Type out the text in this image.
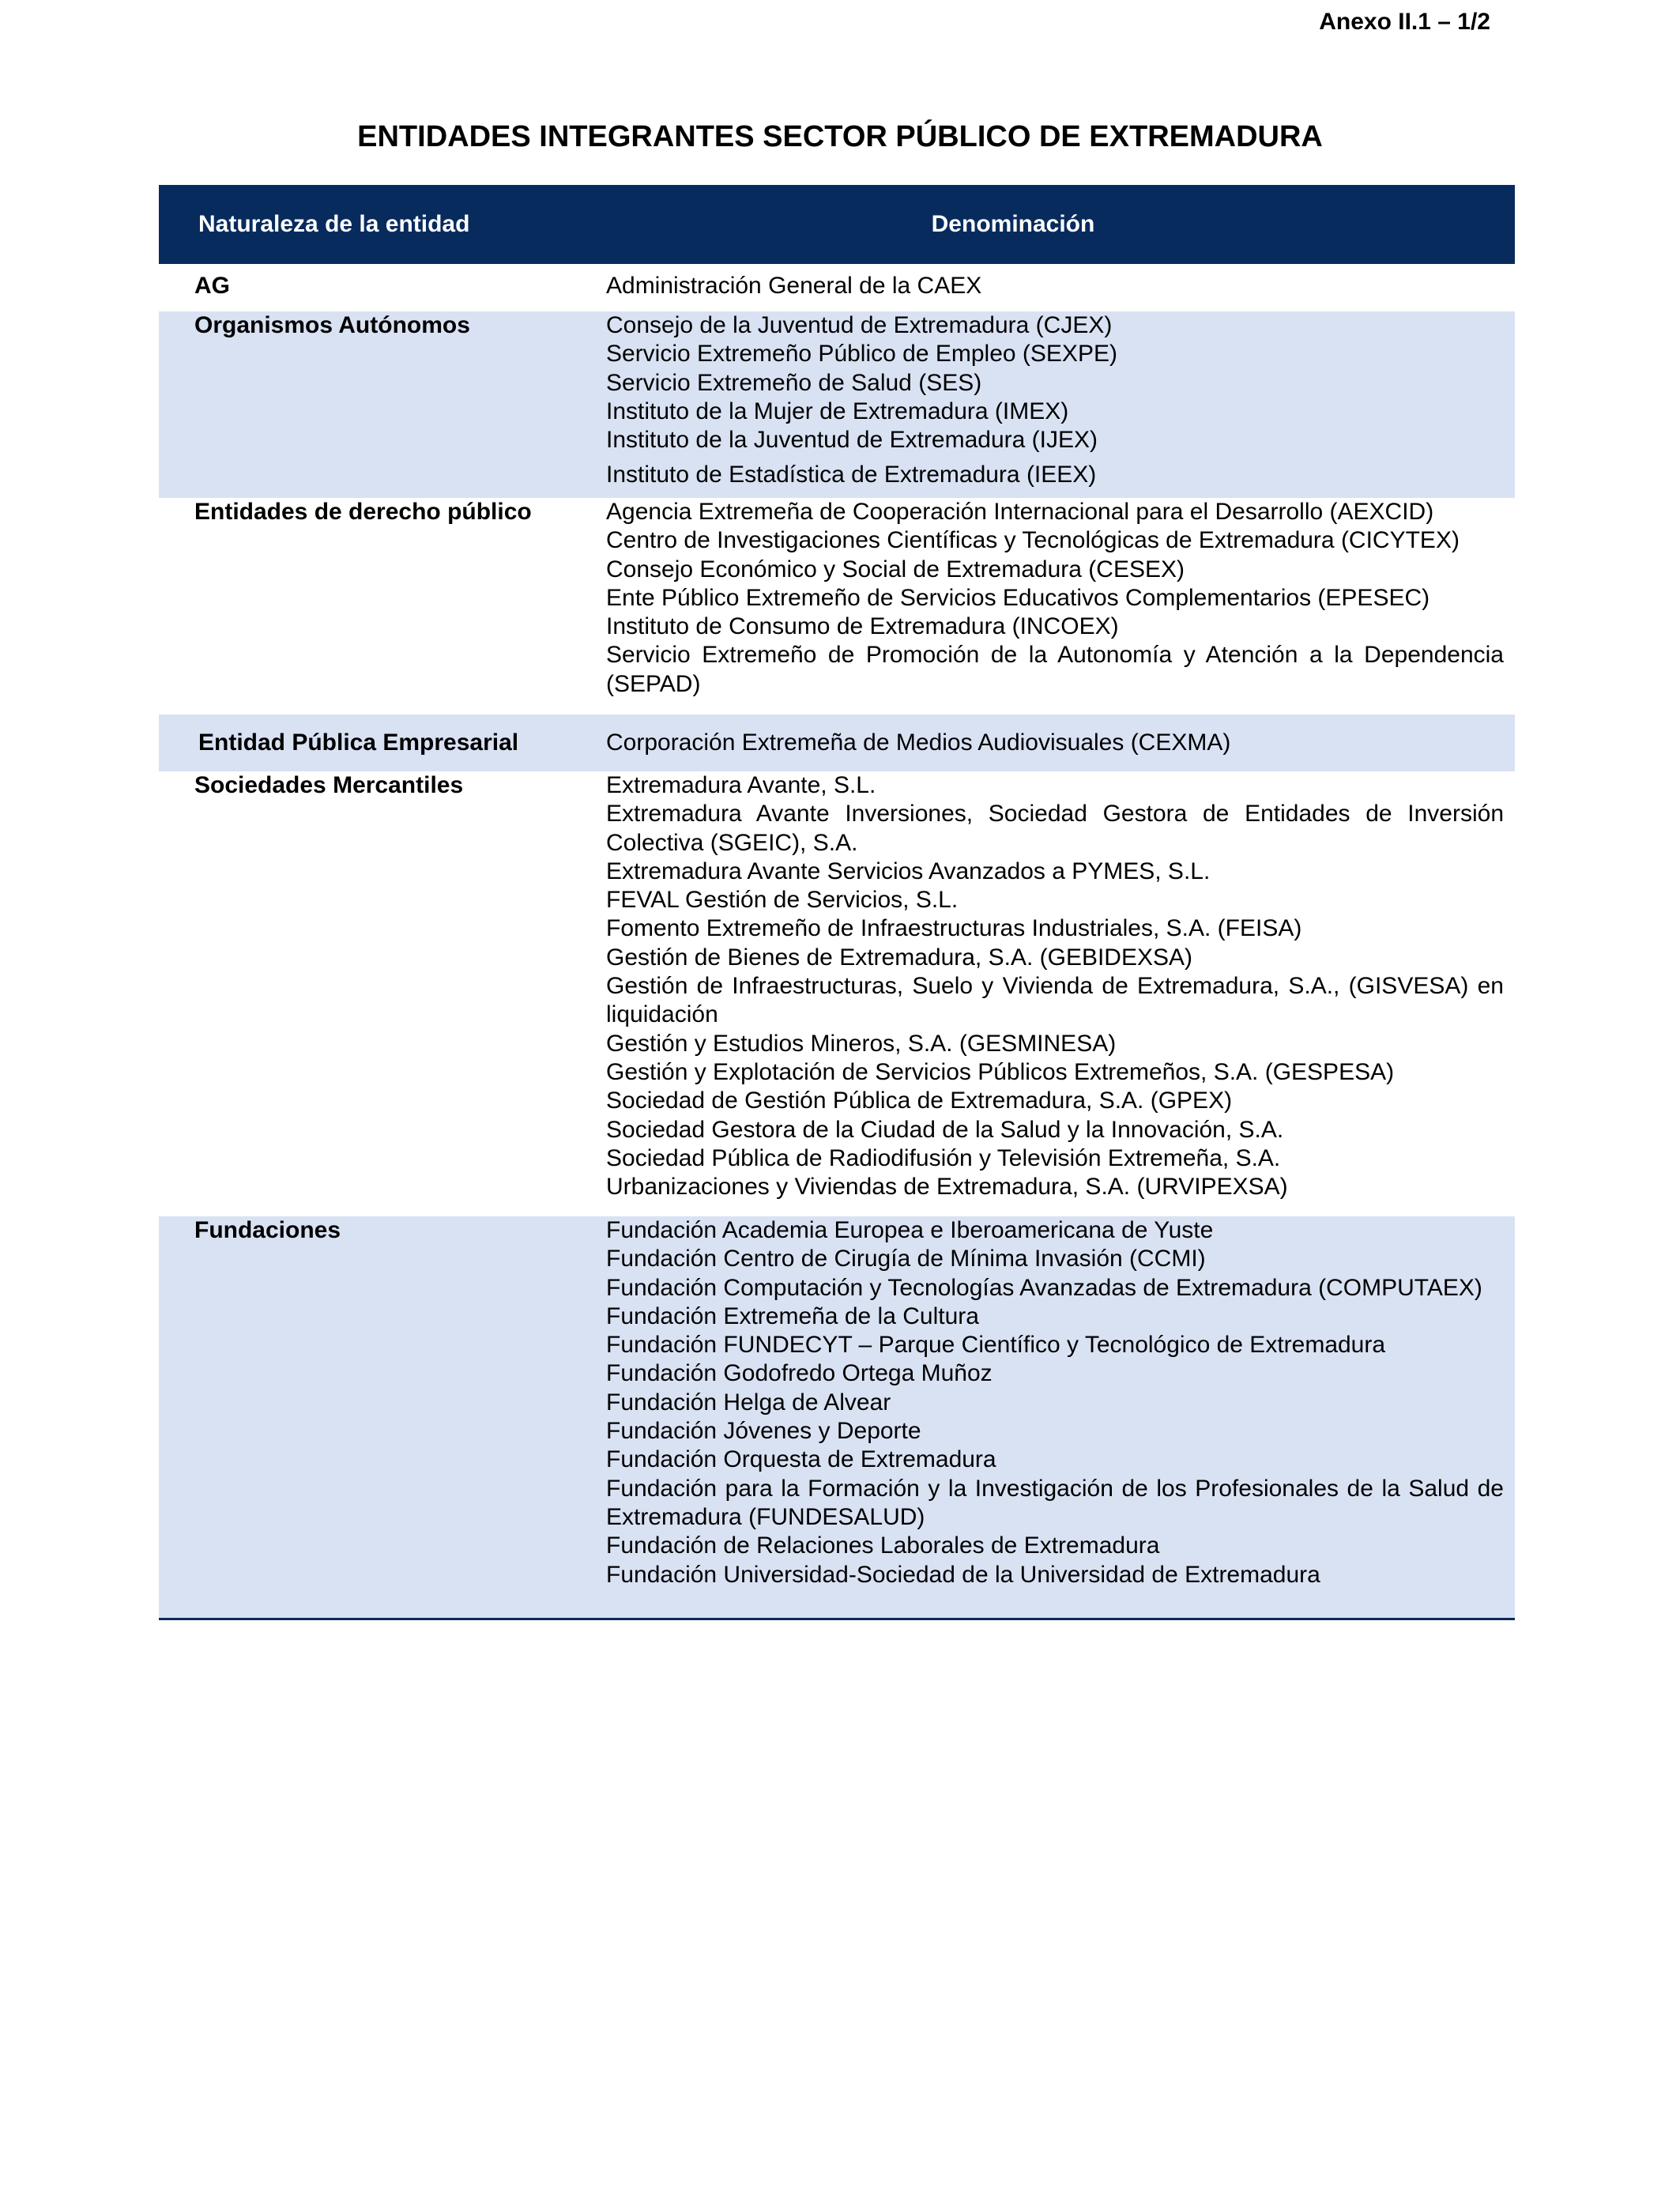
Anexo II.1 – 1/2
ENTIDADES INTEGRANTES SECTOR PÚBLICO DE EXTREMADURA
Naturaleza de la entidad	Denominación
AG	Administración General de la CAEX
Organismos Autónomos	Consejo de la Juventud de Extremadura (CJEX)
Servicio Extremeño Público de Empleo (SEXPE)
Servicio Extremeño de Salud (SES)
Instituto de la Mujer de Extremadura (IMEX)
Instituto de la Juventud de Extremadura (IJEX)
Instituto de Estadística de Extremadura (IEEX)
Entidades de derecho público	Agencia Extremeña de Cooperación Internacional para el Desarrollo (AEXCID)
Centro de Investigaciones Científicas y Tecnológicas de Extremadura (CICYTEX)
Consejo Económico y Social de Extremadura (CESEX)
Ente Público Extremeño de Servicios Educativos Complementarios (EPESEC)
Instituto de Consumo de Extremadura (INCOEX)
Servicio Extremeño de Promoción de la Autonomía y Atención a la Dependencia (SEPAD)
Entidad Pública Empresarial	Corporación Extremeña de Medios Audiovisuales (CEXMA)
Sociedades Mercantiles	Extremadura Avante, S.L.
Extremadura Avante Inversiones, Sociedad Gestora de Entidades de Inversión Colectiva (SGEIC), S.A.
Extremadura Avante Servicios Avanzados a PYMES, S.L.
FEVAL Gestión de Servicios, S.L.
Fomento Extremeño de Infraestructuras Industriales, S.A. (FEISA)
Gestión de Bienes de Extremadura, S.A. (GEBIDEXSA)
Gestión de Infraestructuras, Suelo y Vivienda de Extremadura, S.A., (GISVESA) en liquidación
Gestión y Estudios Mineros, S.A. (GESMINESA)
Gestión y Explotación de Servicios Públicos Extremeños, S.A. (GESPESA)
Sociedad de Gestión Pública de Extremadura, S.A. (GPEX)
Sociedad Gestora de la Ciudad de la Salud y la Innovación, S.A.
Sociedad Pública de Radiodifusión y Televisión Extremeña, S.A.
Urbanizaciones y Viviendas de Extremadura, S.A. (URVIPEXSA)
Fundaciones	Fundación Academia Europea e Iberoamericana de Yuste
Fundación Centro de Cirugía de Mínima Invasión (CCMI)
Fundación Computación y Tecnologías Avanzadas de Extremadura (COMPUTAEX)
Fundación Extremeña de la Cultura
Fundación FUNDECYT – Parque Científico y Tecnológico de Extremadura
Fundación Godofredo Ortega Muñoz
Fundación Helga de Alvear
Fundación Jóvenes y Deporte
Fundación Orquesta de Extremadura
Fundación para la Formación y la Investigación de los Profesionales de la Salud de Extremadura (FUNDESALUD)
Fundación de Relaciones Laborales de Extremadura
Fundación Universidad-Sociedad de la Universidad de Extremadura
